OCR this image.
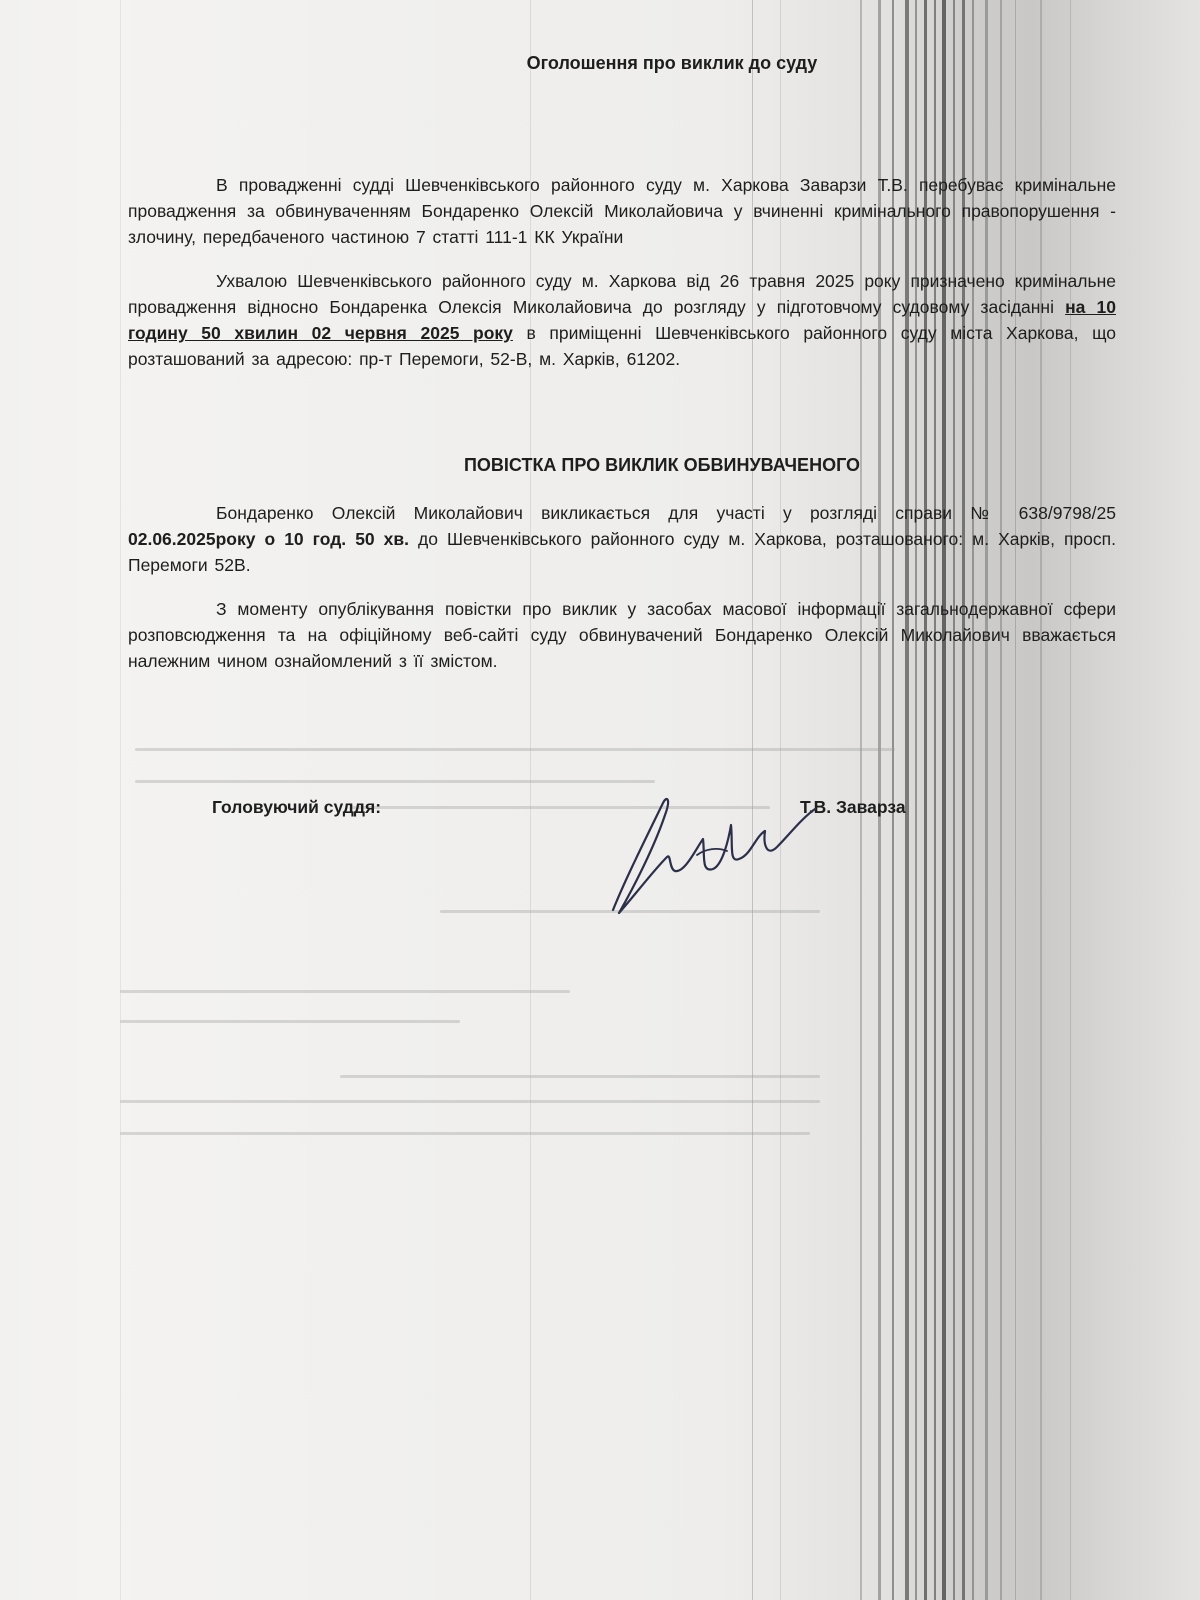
Оголошення про виклик до суду

В провадженні судді Шевченківського районного суду м. Харкова Заварзи Т.В. перебуває кримінальне провадження за обвинуваченням Бондаренко Олексій Миколайовича у вчиненні кримінального правопорушення - злочину, передбаченого частиною 7 статті 111-1 КК України

Ухвалою Шевченківського районного суду м. Харкова від 26 травня 2025 року призначено кримінальне провадження відносно Бондаренка Олексія Миколайовича до розгляду у підготовчому судовому засіданні на 10 годину 50 хвилин 02 червня 2025 року в приміщенні Шевченківського районного суду міста Харкова, що розташований за адресою: пр-т Перемоги, 52-В, м. Харків, 61202.

ПОВІСТКА ПРО ВИКЛИК ОБВИНУВАЧЕНОГО

Бондаренко Олексій Миколайович викликається для участі у розгляді справи № 638/9798/25 02.06.2025року о 10 год. 50 хв. до Шевченківського районного суду м. Харкова, розташованого: м. Харків, просп. Перемоги 52В.

З моменту опублікування повістки про виклик у засобах масової інформації загальнодержавної сфери розповсюдження та на офіційному веб-сайті суду обвинувачений Бондаренко Олексій Миколайович вважається належним чином ознайомлений з її змістом.

Головуючий суддя:	Т.В. Заварза
